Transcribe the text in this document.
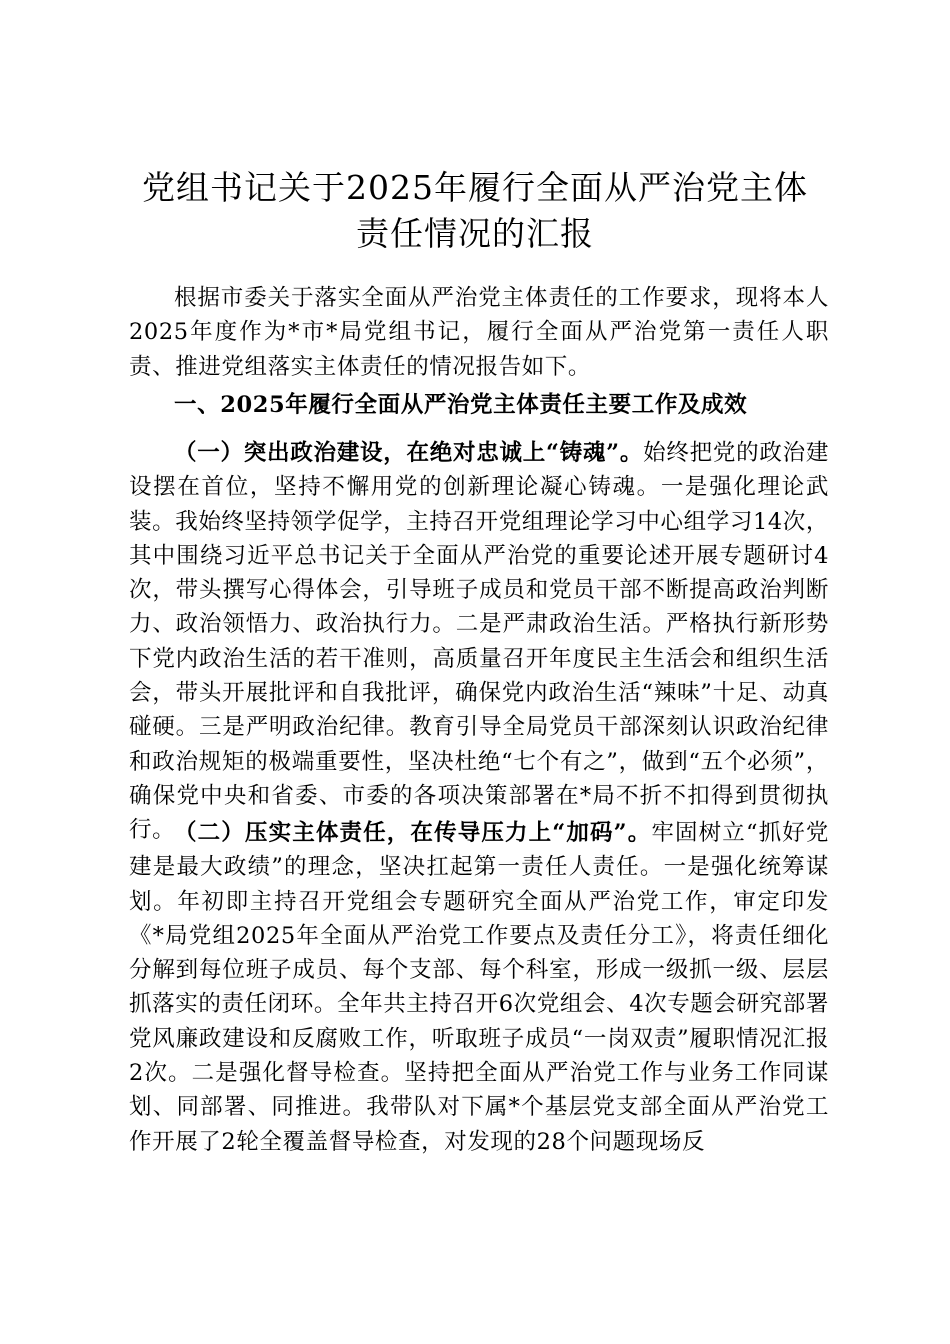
党组书记关于2025年履行全面从严治党主体
责任情况的汇报
根据市委关于落实全面从严治党主体责任的工作要求，现将本人2025年度作为*市*局党组书记，履行全面从严治党第一责任人职责、推进党组落实主体责任的情况报告如下。
一、2025年履行全面从严治党主体责任主要工作及成效
（一）突出政治建设，在绝对忠诚上“铸魂”。始终把党的政治建设摆在首位，坚持不懈用党的创新理论凝心铸魂。一是强化理论武装。我始终坚持领学促学，主持召开党组理论学习中心组学习14次，其中围绕习近平总书记关于全面从严治党的重要论述开展专题研讨4次，带头撰写心得体会，引导班子成员和党员干部不断提高政治判断力、政治领悟力、政治执行力。二是严肃政治生活。严格执行新形势下党内政治生活的若干准则，高质量召开年度民主生活会和组织生活会，带头开展批评和自我批评，确保党内政治生活“辣味”十足、动真碰硬。三是严明政治纪律。教育引导全局党员干部深刻认识政治纪律和政治规矩的极端重要性，坚决杜绝“七个有之”，做到“五个必须”，确保党中央和省委、市委的各项决策部署在*局不折不扣得到贯彻执行。
（二）压实主体责任，在传导压力上“加码”。牢固树立“抓好党建是最大政绩”的理念，坚决扛起第一责任人责任。一是强化统筹谋划。年初即主持召开党组会专题研究全面从严治党工作，审定印发《*局党组2025年全面从严治党工作要点及责任分工》，将责任细化分解到每位班子成员、每个支部、每个科室，形成一级抓一级、层层抓落实的责任闭环。全年共主持召开6次党组会、4次专题会研究部署党风廉政建设和反腐败工作，听取班子成员“一岗双责”履职情况汇报2次。二是强化督导检查。坚持把全面从严治党工作与业务工作同谋划、同部署、同推进。我带队对下属*个基层党支部全面从严治党工作开展了2轮全覆盖督导检查，对发现的28个问题现场反
